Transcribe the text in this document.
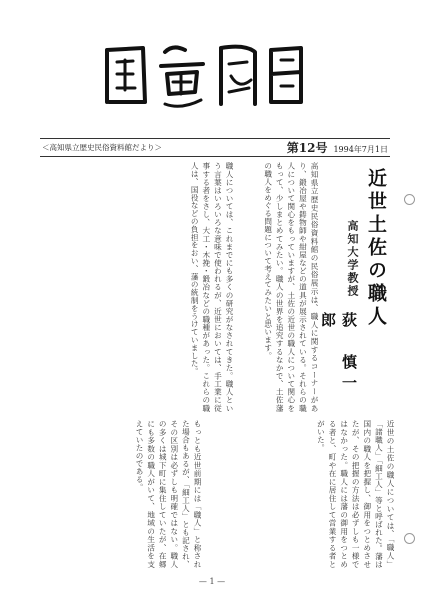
＜高知県立歴史民俗資料館だより＞	第12号 1994年7月1日
近世土佐の職人
高知大学教授
荻　慎一郎
高知県立歴史民俗資料館の民俗展示は、職人に関するコーナーがあり、鍛冶屋や鋳物師や紺屋などの道具が展示されている。それらの職人について関心をもっていますが、土佐の近世の職人について関心をもって、少しまとめてみたい。職人の世界を追究するなかで、土佐藩の職人をめぐる問題について考えてみたいと思います。
職人については、これまでにも多くの研究がなされてきた。職人という言葉はいろいろな意味で使われるが、近世においては、手工業に従事する者をさし、大工・木挽・鍛冶などの職種があった。これらの職人は、国役などの負担をおい、藩の統制をうけていました。
近世の土佐の職人については、「職人」「諸職人」「細工人」等と呼ばれた。藩は国内の職人を把握し、御用をつとめさせたが、その把握の方法は必ずしも一様ではなかった。職人には藩の御用をつとめる者と、町や在に居住して営業する者とがいた。
もっとも近世前期には「職人」と称された場合もあるが、「細工人」とも記され、その区別は必ずしも明確ではない。職人の多くは城下町に集住していたが、在郷にも多数の職人がいて、地域の生活を支えていたのである。
— 1 —
